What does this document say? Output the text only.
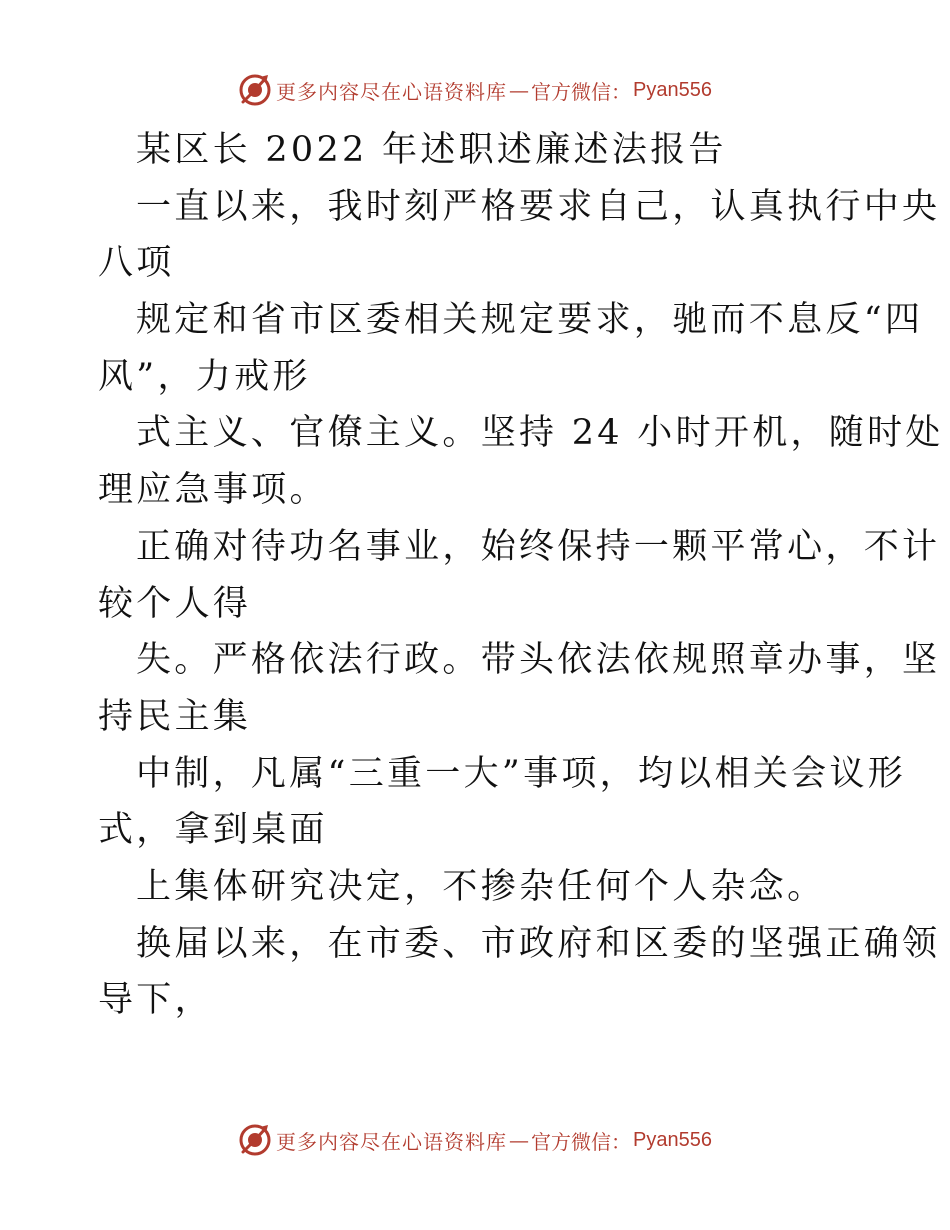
更多内容尽在心语资料库 — 官方微信： Pyan556
某区长 2022 年述职述廉述法报告
一直以来，我时刻严格要求自己，认真执行中央
八项
规定和省市区委相关规定要求，驰而不息反“四
风”，力戒形
式主义、官僚主义。坚持 24 小时开机，随时处
理应急事项。
正确对待功名事业，始终保持一颗平常心，不计
较个人得
失。严格依法行政。带头依法依规照章办事，坚
持民主集
中制，凡属“三重一大”事项，均以相关会议形
式，拿到桌面
上集体研究决定，不掺杂任何个人杂念。
换届以来，在市委、市政府和区委的坚强正确领
导下，
更多内容尽在心语资料库 — 官方微信： Pyan556
